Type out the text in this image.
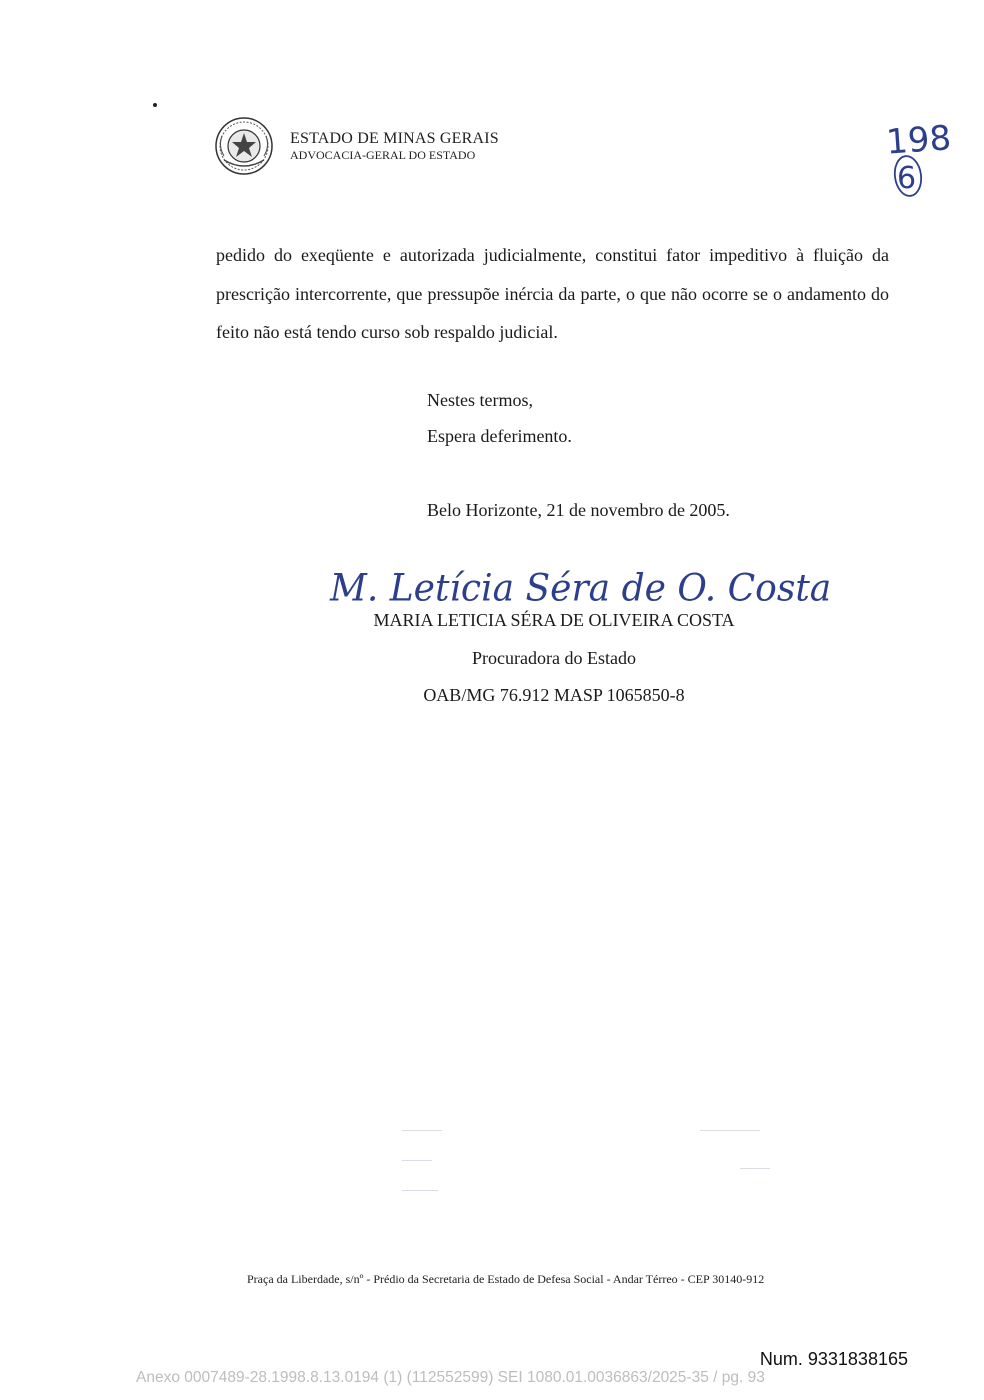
ESTADO DE MINAS GERAIS
ADVOCACIA-GERAL DO ESTADO	198
6
pedido do exeqüente e autorizada judicialmente, constitui fator impeditivo à fluição da prescrição intercorrente, que pressupõe inércia da parte, o que não ocorre se o andamento do feito não está tendo curso sob respaldo judicial.
Nestes termos,
Espera deferimento.
Belo Horizonte, 21 de novembro de 2005.
M. Letícia Séra de O. Costa
MARIA LETICIA SÉRA DE OLIVEIRA COSTA
Procuradora do Estado
OAB/MG 76.912 MASP 1065850-8
Praça da Liberdade, s/nº - Prédio da Secretaria de Estado de Defesa Social - Andar Térreo - CEP 30140-912
Num. 9331838165
Anexo 0007489-28.1998.8.13.0194 (1) (112552599) SEI 1080.01.0036863/2025-35 / pg. 93
